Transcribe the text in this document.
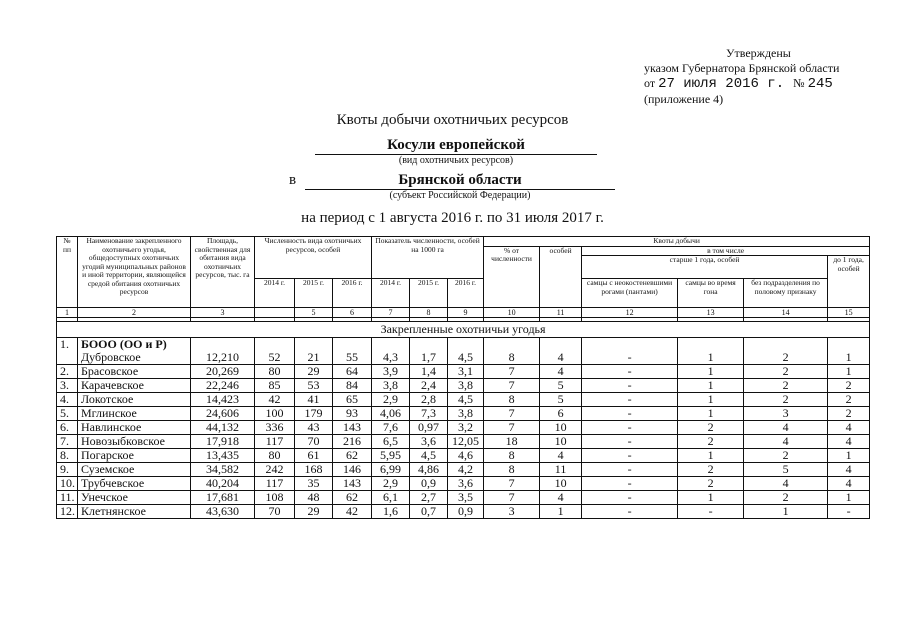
Утверждены
указом Губернатора Брянской области
от 27 июля 2016 г. № 245
(приложение 4)
Квоты добычи охотничьих ресурсов
Косули европейской
(вид охотничьих ресурсов)
в	Брянской области
(субъект Российской Федерации)
на период с 1 августа 2016 г. по 31 июля 2017 г.
№ пп	Наименование закрепленного охотничьего угодья, общедоступных охотничьих угодий муниципальных районов и иной территории, являющейся средой обитания охотничьих ресурсов	Площадь, свойственная для обитания вида охотничьих ресурсов, тыс. га	Численность вида охотничьих ресурсов, особей			Показатель численности, особей на 1000 га			Квоты добычи					
									% от численности	особей	в том числе			
											старше 1 года, особей			до 1 года, особей
			2014 г.	2015 г.	2016 г.	2014 г.	2015 г.	2016 г.			самцы с неокостеневшими рогами (пантами)	самцы во время гона	без подразделения по половому признаку	
1	2	3		5	6	7	8	9	10	11	12	13	14	15

Закрепленные охотничьи угодья														
1.	БООО (ОО и Р)
Дубровское	12,210	52	21	55	4,3	1,7	4,5	8	4	-	1	2	1
2.	Брасовское	20,269	80	29	64	3,9	1,4	3,1	7	4	-	1	2	1
3.	Карачевское	22,246	85	53	84	3,8	2,4	3,8	7	5	-	1	2	2
4.	Локотское	14,423	42	41	65	2,9	2,8	4,5	8	5	-	1	2	2
5.	Мглинское	24,606	100	179	93	4,06	7,3	3,8	7	6	-	1	3	2
6.	Навлинское	44,132	336	43	143	7,6	0,97	3,2	7	10	-	2	4	4
7.	Новозыбковское	17,918	117	70	216	6,5	3,6	12,05	18	10	-	2	4	4
8.	Погарское	13,435	80	61	62	5,95	4,5	4,6	8	4	-	1	2	1
9.	Суземское	34,582	242	168	146	6,99	4,86	4,2	8	11	-	2	5	4
10.	Трубчевское	40,204	117	35	143	2,9	0,9	3,6	7	10	-	2	4	4
11.	Унечское	17,681	108	48	62	6,1	2,7	3,5	7	4	-	1	2	1
12.	Клетнянское	43,630	70	29	42	1,6	0,7	0,9	3	1	-	-	1	-
